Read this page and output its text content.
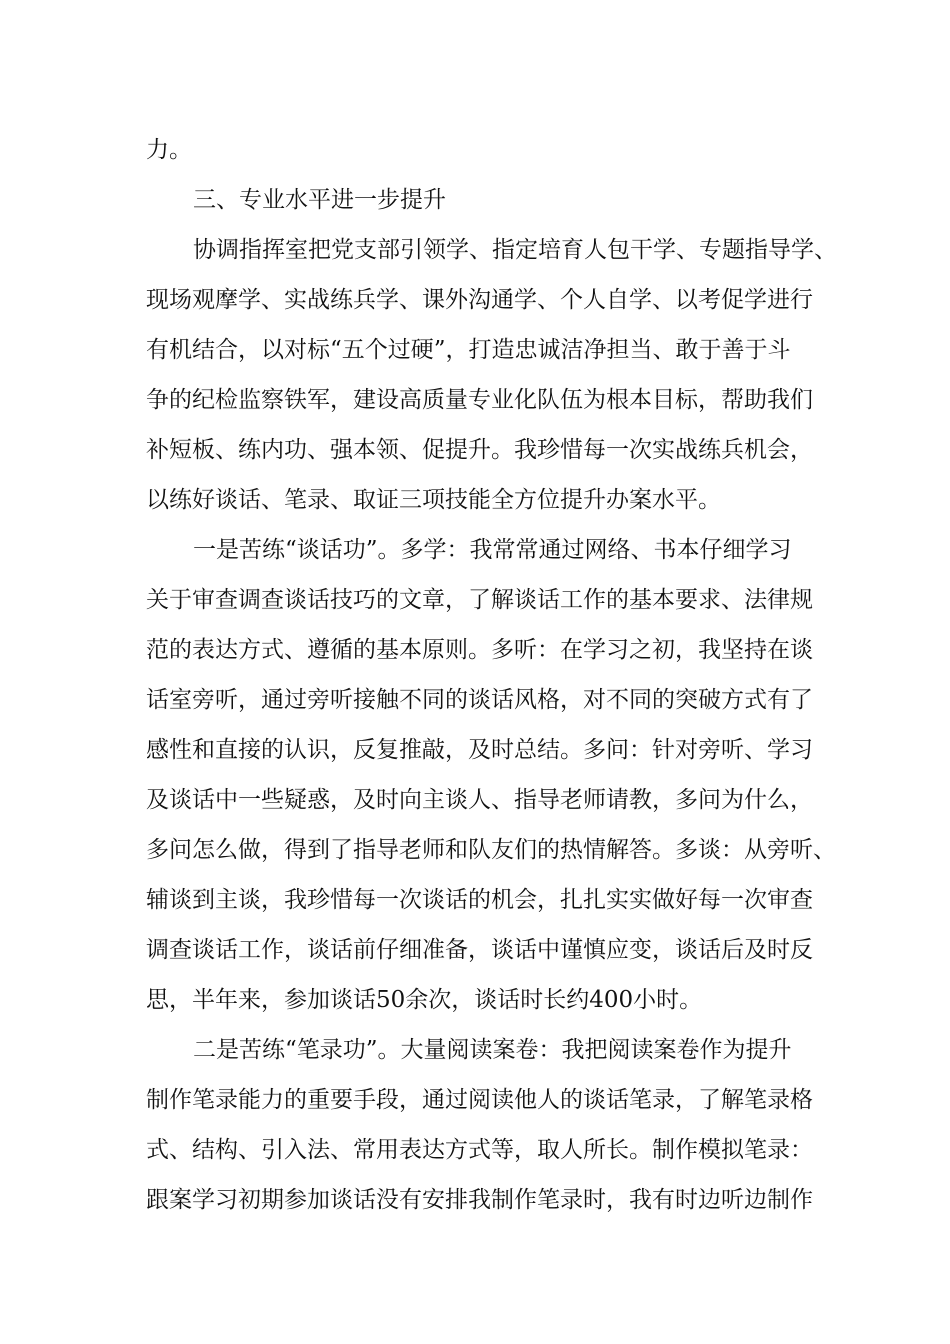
力。
三、专业水平进一步提升
协调指挥室把党支部引领学、指定培育人包干学、专题指导学、
现场观摩学、实战练兵学、课外沟通学、个人自学、以考促学进行
有机结合，以对标“五个过硬”，打造忠诚洁净担当、敢于善于斗
争的纪检监察铁军，建设高质量专业化队伍为根本目标，帮助我们
补短板、练内功、强本领、促提升。我珍惜每一次实战练兵机会，
以练好谈话、笔录、取证三项技能全方位提升办案水平。
一是苦练“谈话功”。多学：我常常通过网络、书本仔细学习
关于审查调查谈话技巧的文章，了解谈话工作的基本要求、法律规
范的表达方式、遵循的基本原则。多听：在学习之初，我坚持在谈
话室旁听，通过旁听接触不同的谈话风格，对不同的突破方式有了
感性和直接的认识，反复推敲，及时总结。多问：针对旁听、学习
及谈话中一些疑惑，及时向主谈人、指导老师请教，多问为什么，
多问怎么做，得到了指导老师和队友们的热情解答。多谈：从旁听、
辅谈到主谈，我珍惜每一次谈话的机会，扎扎实实做好每一次审查
调查谈话工作，谈话前仔细准备，谈话中谨慎应变，谈话后及时反
思，半年来，参加谈话50余次，谈话时长约400小时。
二是苦练“笔录功”。大量阅读案卷：我把阅读案卷作为提升
制作笔录能力的重要手段，通过阅读他人的谈话笔录，了解笔录格
式、结构、引入法、常用表达方式等，取人所长。制作模拟笔录：
跟案学习初期参加谈话没有安排我制作笔录时，我有时边听边制作
